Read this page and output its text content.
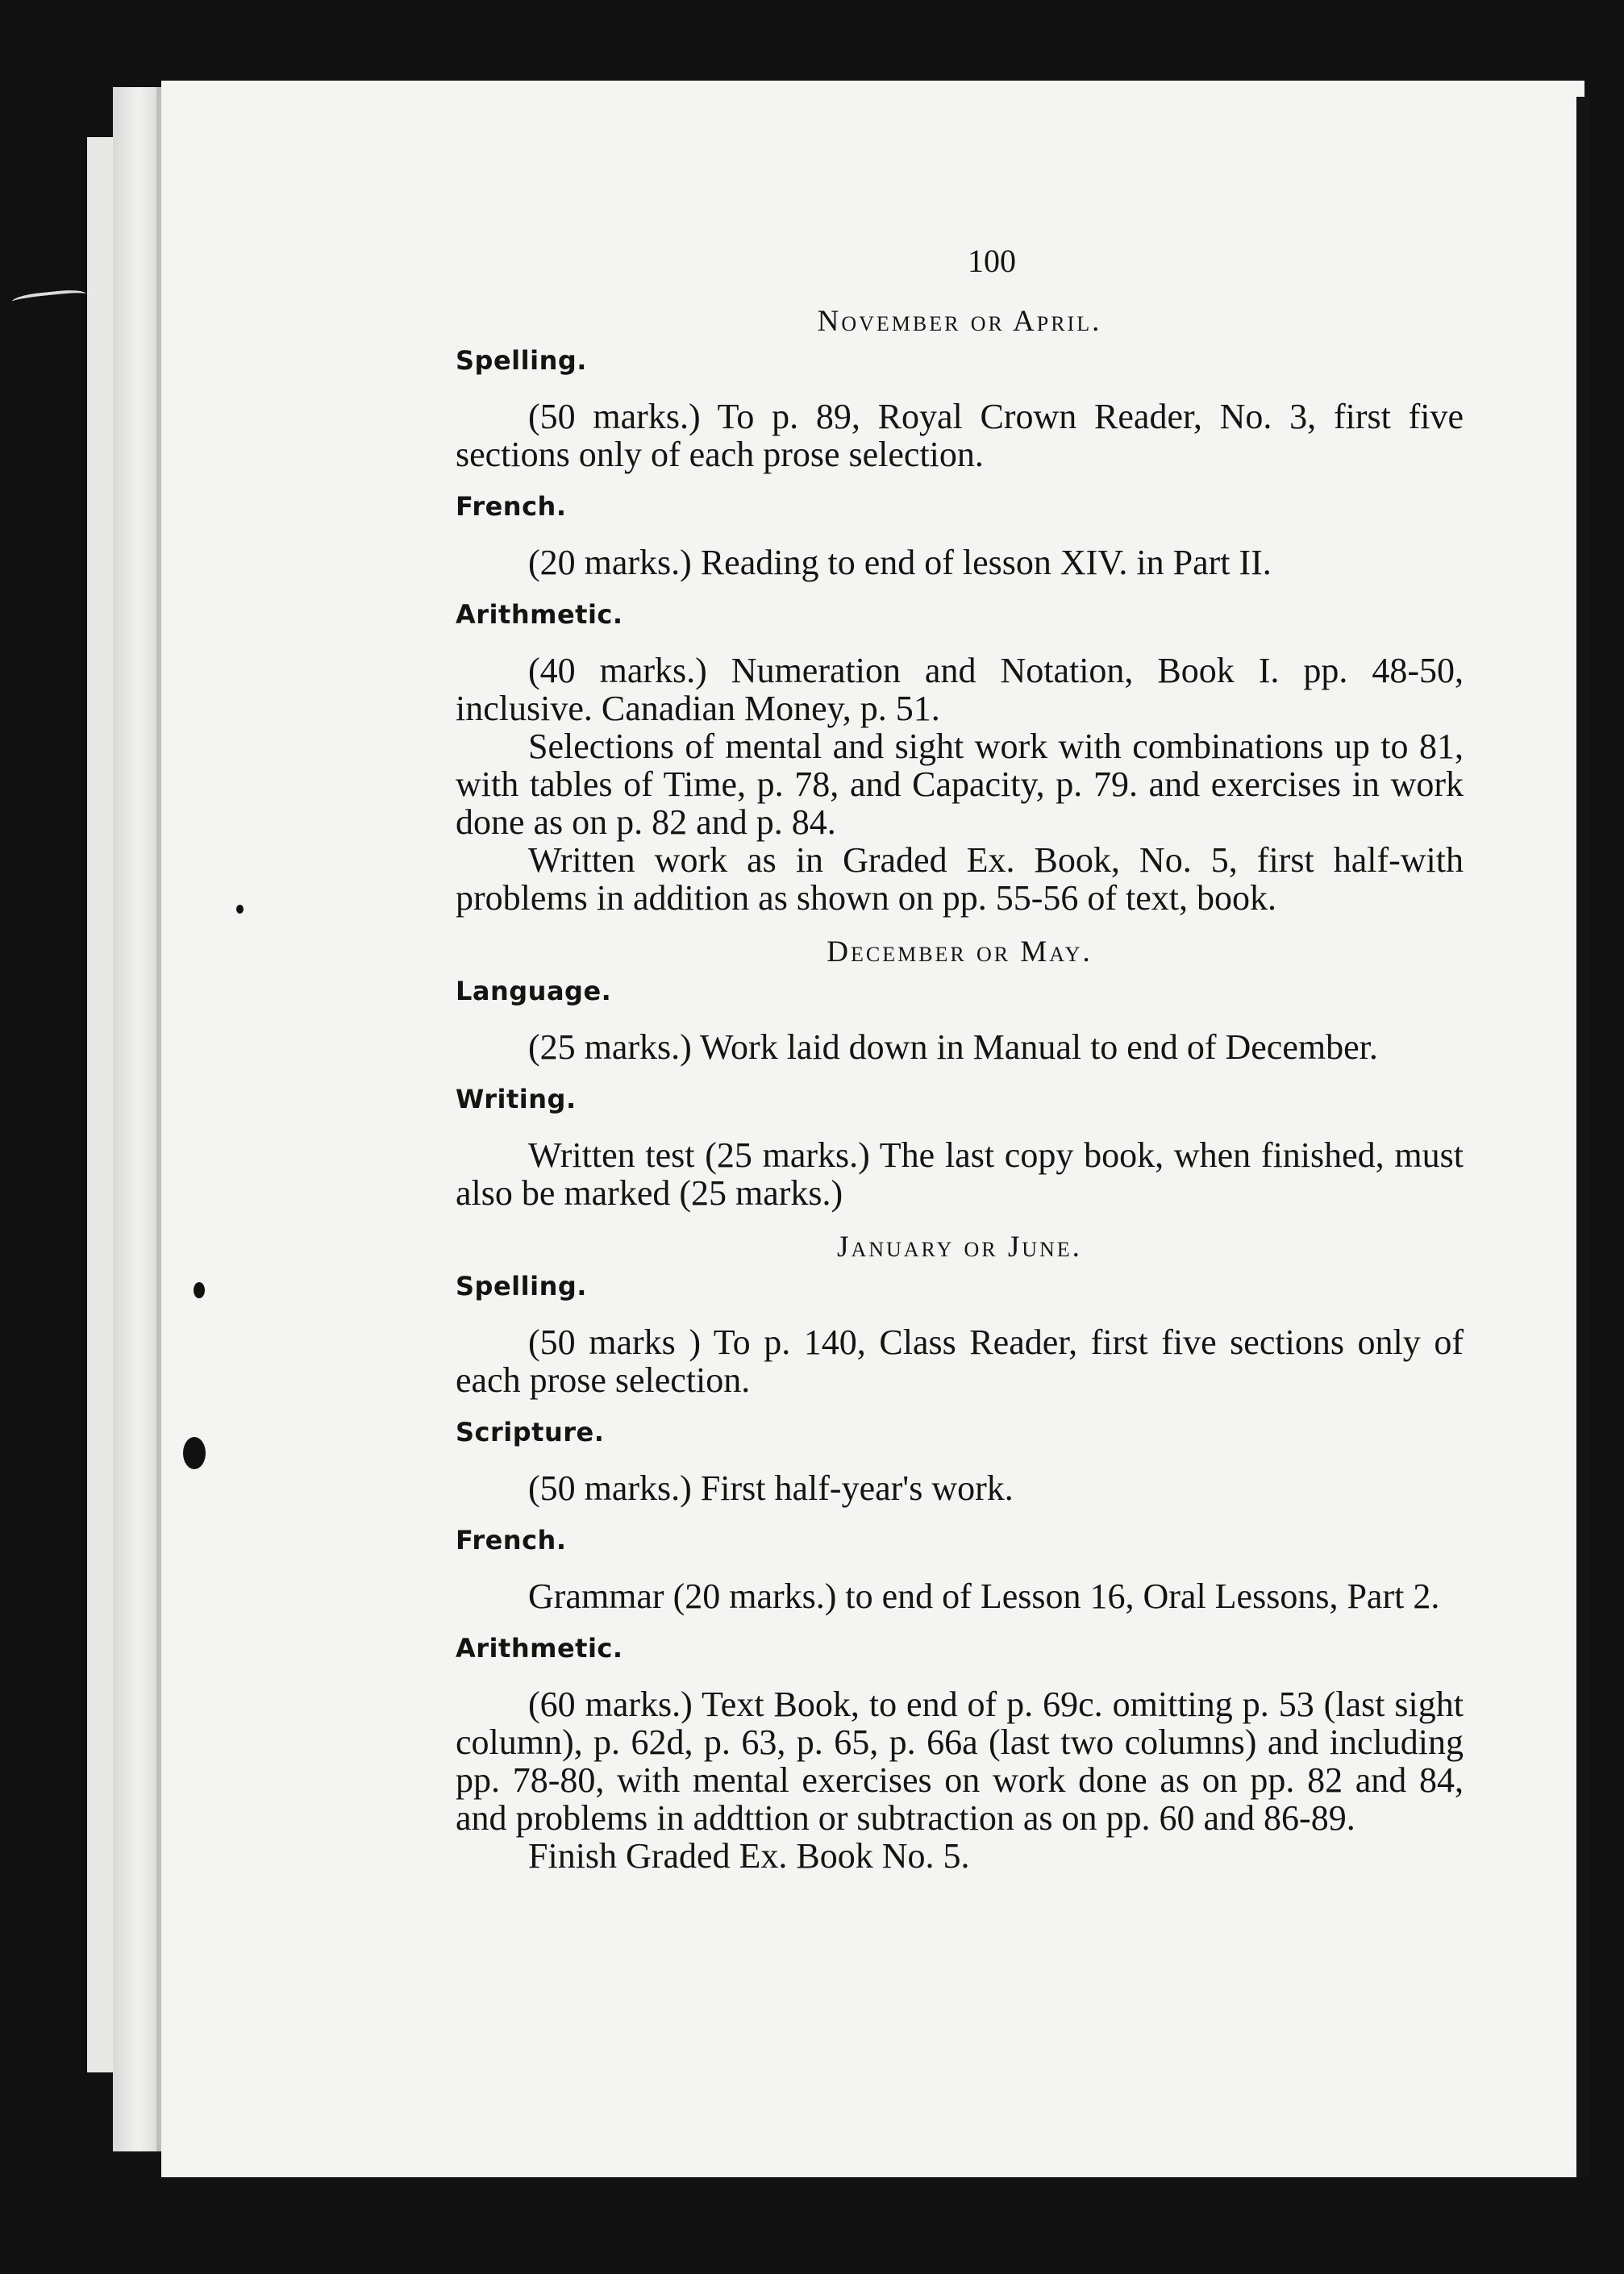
100
November or April.
Spelling.

(50 marks.) To p. 89, Royal Crown Reader, No. 3, first five sections only of each prose selection.

French.

(20 marks.) Reading to end of lesson XIV. in Part II.

Arithmetic.

(40 marks.) Numeration and Notation, Book I. pp. 48-50, inclusive. Canadian Money, p. 51.

Selections of mental and sight work with combinations up to 81, with tables of Time, p. 78, and Capacity, p. 79. and exercises in work done as on p. 82 and p. 84.

Written work as in Graded Ex. Book, No. 5, first half-with problems in addition as shown on pp. 55-56 of text, book.

December or May.
Language.

(25 marks.) Work laid down in Manual to end of December.

Writing.

Written test (25 marks.) The last copy book, when finished, must also be marked (25 marks.)

January or June.
Spelling.

(50 marks ) To p. 140, Class Reader, first five sections only of each prose selection.

Scripture.

(50 marks.) First half-year's work.

French.

Grammar (20 marks.) to end of Lesson 16, Oral Lessons, Part 2.

Arithmetic.

(60 marks.) Text Book, to end of p. 69c. omitting p. 53 (last sight column), p. 62d, p. 63, p. 65, p. 66a (last two columns) and including pp. 78-80, with mental exercises on work done as on pp. 82 and 84, and problems in addttion or subtraction as on pp. 60 and 86-89.

Finish Graded Ex. Book No. 5.
